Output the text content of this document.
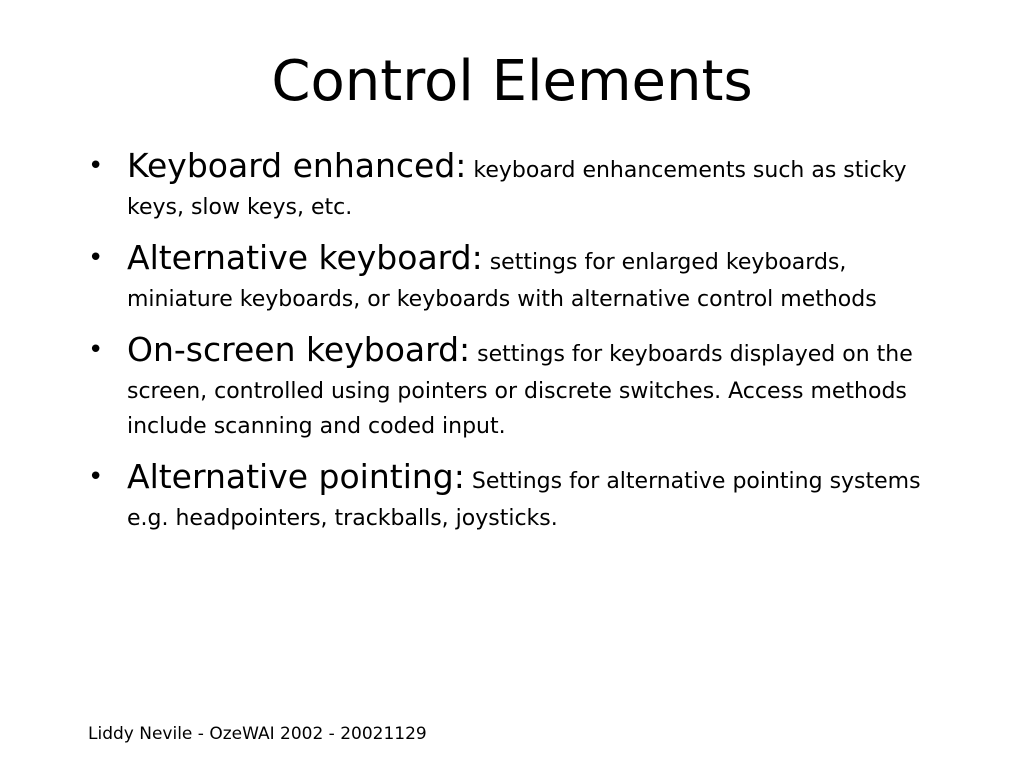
Control Elements
• Keyboard enhanced: keyboard enhancements such as sticky keys, slow keys, etc.
• Alternative keyboard: settings for enlarged keyboards, miniature keyboards, or keyboards with alternative control methods
• On-screen keyboard: settings for keyboards displayed on the screen, controlled using pointers or discrete switches. Access methods include scanning and coded input.
• Alternative pointing: Settings for alternative pointing systems e.g. headpointers, trackballs, joysticks.
Liddy Nevile - OzeWAI 2002 - 20021129
